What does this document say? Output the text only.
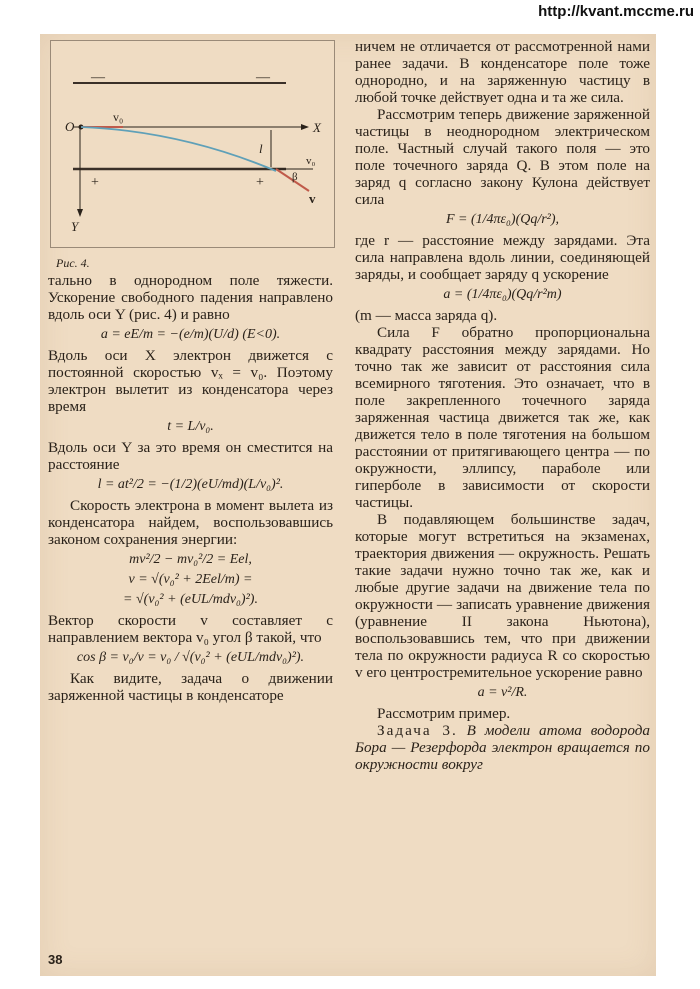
http://kvant.mccme.ru
—	—
+	+
X
Y
O
v₀
l
v₀
β
v
Рис. 4.

тально в однородном поле тяжести. Ускорение свободного падения направлено вдоль оси Y (рис. 4) и равно

a = eE/m = −(e/m)(U/d) (E<0).

Вдоль оси X электрон движется с постоянной скоростью vₓ = v₀. Поэтому электрон вылетит из конденсатора через время

t = L/v₀.

Вдоль оси Y за это время он сместится на расстояние

l = at²/2 = −(1/2)(eU/md)(L/v₀)².

Скорость электрона в момент вылета из конденсатора найдем, воспользовавшись законом сохранения энергии:

mv²/2 − mv₀²/2 = Eel,
v = √(v₀² + 2Eel/m) =
= √(v₀² + (eUL/mdv₀)²).

Вектор скорости v составляет с направлением вектора v₀ угол β такой, что

cos β = v₀/v = v₀ / √(v₀² + (eUL/mdv₀)²).

Как видите, задача о движении заряженной частицы в конденсаторе

38

ничем не отличается от рассмотренной нами ранее задачи. В конденсаторе поле тоже однородно, и на заряженную частицу в любой точке действует одна и та же сила.

Рассмотрим теперь движение заряженной частицы в неоднородном электрическом поле. Частный случай такого поля — это поле точечного заряда Q. В этом поле на заряд q согласно закону Кулона действует сила

F = (1/4πε₀)(Qq/r²),

где r — расстояние между зарядами. Эта сила направлена вдоль линии, соединяющей заряды, и сообщает заряду q ускорение

a = (1/4πε₀)(Qq/r²m)

(m — масса заряда q).

Сила F обратно пропорциональна квадрату расстояния между зарядами. Но точно так же зависит от расстояния сила всемирного тяготения. Это означает, что в поле закрепленного точечного заряда заряженная частица движется так же, как движется тело в поле тяготения на большом расстоянии от притягивающего центра — по окружности, эллипсу, параболе или гиперболе в зависимости от скорости частицы.

В подавляющем большинстве задач, которые могут встретиться на экзаменах, траектория движения — окружность. Решать такие задачи нужно точно так же, как и любые другие задачи на движение тела по окружности — записать уравнение движения (уравнение II закона Ньютона), воспользовавшись тем, что при движении тела по окружности радиуса R со скоростью v его центростремительное ускорение равно

a = v²/R.

Рассмотрим пример.

Задача 3. В модели атома водорода Бора — Резерфорда электрон вращается по окружности вокруг
